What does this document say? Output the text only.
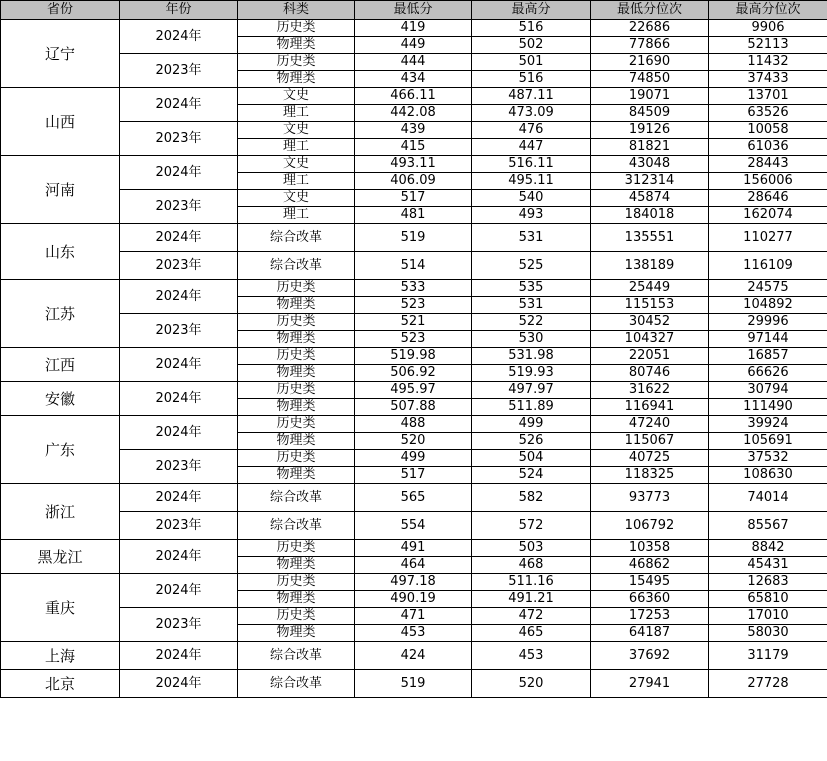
省份	年份	科类	最低分	最高分	最低分位次	最高分位次
辽宁	2024年	历史类	419	516	22686	9906
		物理类	449	502	77866	52113
	2023年	历史类	444	501	21690	11432
		物理类	434	516	74850	37433
山西	2024年	文史	466.11	487.11	19071	13701
		理工	442.08	473.09	84509	63526
	2023年	文史	439	476	19126	10058
		理工	415	447	81821	61036
河南	2024年	文史	493.11	516.11	43048	28443
		理工	406.09	495.11	312314	156006
	2023年	文史	517	540	45874	28646
		理工	481	493	184018	162074
山东	2024年	综合改革	519	531	135551	110277
	2023年	综合改革	514	525	138189	116109
江苏	2024年	历史类	533	535	25449	24575
		物理类	523	531	115153	104892
	2023年	历史类	521	522	30452	29996
		物理类	523	530	104327	97144
江西	2024年	历史类	519.98	531.98	22051	16857
		物理类	506.92	519.93	80746	66626
安徽	2024年	历史类	495.97	497.97	31622	30794
		物理类	507.88	511.89	116941	111490
广东	2024年	历史类	488	499	47240	39924
		物理类	520	526	115067	105691
	2023年	历史类	499	504	40725	37532
		物理类	517	524	118325	108630
浙江	2024年	综合改革	565	582	93773	74014
	2023年	综合改革	554	572	106792	85567
黑龙江	2024年	历史类	491	503	10358	8842
		物理类	464	468	46862	45431
重庆	2024年	历史类	497.18	511.16	15495	12683
		物理类	490.19	491.21	66360	65810
	2023年	历史类	471	472	17253	17010
		物理类	453	465	64187	58030
上海	2024年	综合改革	424	453	37692	31179
北京	2024年	综合改革	519	520	27941	27728
